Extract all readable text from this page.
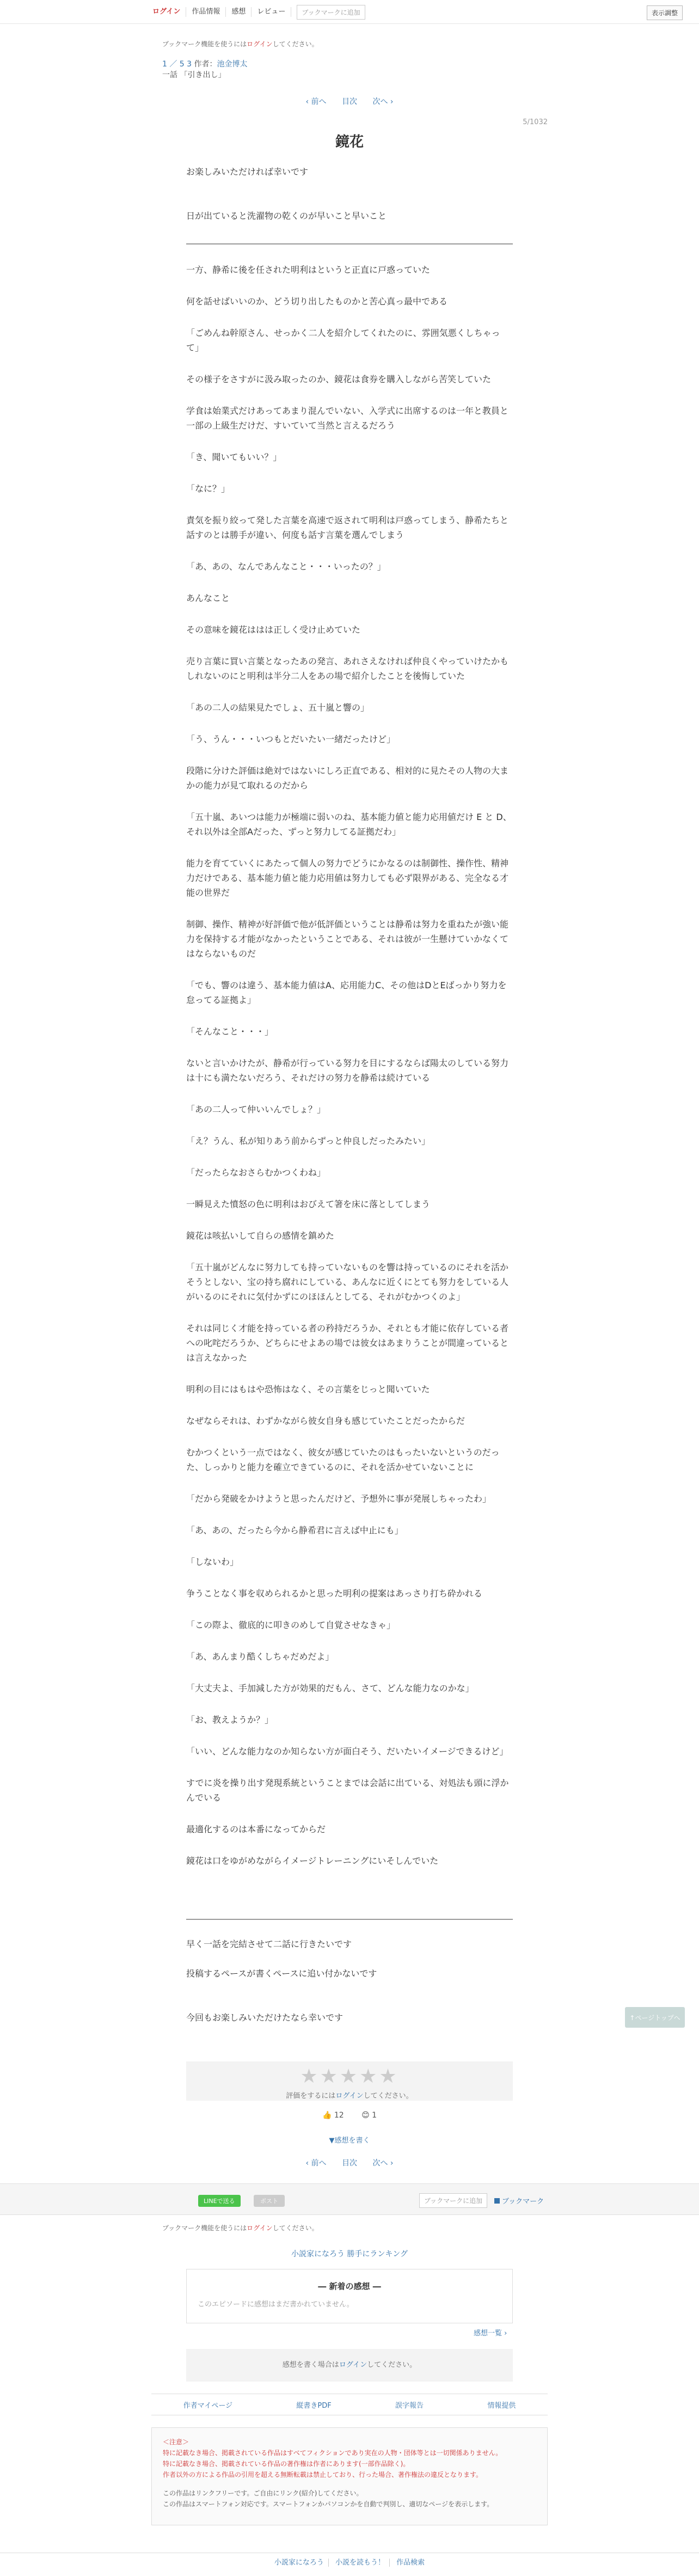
ログイン	作品情報	感想	レビュー	ブックマークに追加	表示調整
ブックマーク機能を使うにはログインしてください。
1 ／ 5 3 作者：池金博太
一話 「引き出し」
‹ 前へ 目次 次へ ›
5/1032
鏡花

お楽しみいただければ幸いです

日が出ていると洗濯物の乾くのが早いこと早いこと

一方、静希に後を任された明利はというと正直に戸惑っていた

何を話せばいいのか、どう切り出したものかと苦心真っ最中である

「ごめんね幹原さん、せっかく二人を紹介してくれたのに、雰囲気悪くしちゃって」

その様子をさすがに汲み取ったのか、鏡花は食券を購入しながら苦笑していた

学食は始業式だけあってあまり混んでいない、入学式に出席するのは一年と教員と一部の上級生だけだ、すいていて当然と言えるだろう

「き、聞いてもいい？」

「なに？」

責気を振り絞って発した言葉を高速で返されて明利は戸惑ってしまう、静希たちと話すのとは勝手が違い、何度も話す言葉を選んでしまう

「あ、あの、なんであんなこと・・・いったの？」

あんなこと

その意味を鏡花ははは正しく受け止めていた

売り言葉に買い言葉となったあの発言、あれさえなければ仲良くやっていけたかもしれないのにと明利は半分二人をあの場で紹介したことを後悔していた

「あの二人の結果見たでしょ、五十嵐と響の」

「う、うん・・・いつもとだいたい一緒だったけど」

段階に分けた評価は絶対ではないにしろ正直である、相対的に見たその人物の大まかの能力が見て取れるのだから

「五十嵐、あいつは能力が極端に弱いのね、基本能力値と能力応用値だけ E と D、それ以外は全部Aだった、ずっと努力してる証拠だわ」

能力を育てていくにあたって個人の努力でどうにかなるのは制御性、操作性、精神力だけである、基本能力値と能力応用値は努力しても必ず限界がある、完全なる才能の世界だ

制御、操作、精神が好評価で他が低評価ということは静希は努力を重ねたが強い能力を保持する才能がなかったということである、それは彼が一生懸けていかなくてはならないものだ

「でも、響のは違う、基本能力値はA、応用能力C、その他はDとEばっかり努力を怠ってる証拠よ」

「そんなこと・・・」

ないと言いかけたが、静希が行っている努力を目にするならば陽太のしている努力は十にも満たないだろう、それだけの努力を静希は続けている

「あの二人って仲いいんでしょ？」

「え？うん、私が知りあう前からずっと仲良しだったみたい」

「だったらなおさらむかつくわね」

一瞬見えた憤怒の色に明利はおびえて箸を床に落としてしまう

鏡花は咳払いして自らの感情を鎮めた

「五十嵐がどんなに努力しても持っていないものを響は持っているのにそれを活かそうとしない、宝の持ち腐れにしている、あんなに近くにとても努力をしている人がいるのにそれに気付かずにのほほんとしてる、それがむかつくのよ」

それは同じく才能を持っている者の矜持だろうか、それとも才能に依存している者への叱咤だろうか、どちらにせよあの場では彼女はあまりうことが間違っているとは言えなかった

明利の目にはもはや恐怖はなく、その言葉をじっと聞いていた

なぜならそれは、わずかながら彼女自身も感じていたことだったからだ

むかつくという一点ではなく、彼女が感じていたのはもったいないというのだった、しっかりと能力を確立できているのに、それを活かせていないことに

「だから発破をかけようと思ったんだけど、予想外に事が発展しちゃったわ」

「あ、あの、だったら今から静希君に言えば中止にも」

「しないわ」

争うことなく事を収められるかと思った明利の提案はあっさり打ち砕かれる

「この際よ、徹底的に叩きのめして自覚させなきゃ」

「あ、あんまり酷くしちゃだめだよ」

「大丈夫よ、手加減した方が効果的だもん、さて、どんな能力なのかな」

「お、教えようか？」

「いい、どんな能力なのか知らない方が面白そう、だいたいイメージできるけど」

すでに炎を操り出す発現系統ということまでは会話に出ている、対処法も頭に浮かんでいる

最適化するのは本番になってからだ

鏡花は口をゆがめながらイメージトレーニングにいそしんでいた

早く一話を完結させて二話に行きたいです

投稿するペースが書くペースに追い付かないです

今回もお楽しみいただけたなら幸いです	↑ページトップへ
★★★★★
評価をするにはログインしてください。
👍 12 😊 1
▼感想を書く
‹ 前へ 目次 次へ ›
LINEで送る	ポスト	ブックマークに追加	ブックマーク
ブックマーク機能を使うにはログインしてください。
小説家になろう 勝手にランキング
― 新着の感想 ―
このエピソードに感想はまだ書かれていません。
感想一覧 ›
感想を書く場合はログインしてください。
作者マイページ	縦書きPDF	誤字報告	情報提供
＜注意＞
特に記載なき場合、掲載されている作品はすべてフィクションであり実在の人物・団体等とは一切関係ありません。
特に記載なき場合、掲載されている作品の著作権は作者にあります(一部作品除く)。
作者以外の方による作品の引用を超える無断転載は禁止しており、行った場合、著作権法の違反となります。
この作品はリンクフリーです。ご自由にリンク(紹介)してください。
この作品はスマートフォン対応です。スマートフォンかパソコンかを自動で判別し、適切なページを表示します。
小説家になろう 小説を読もう！ 作品検索
